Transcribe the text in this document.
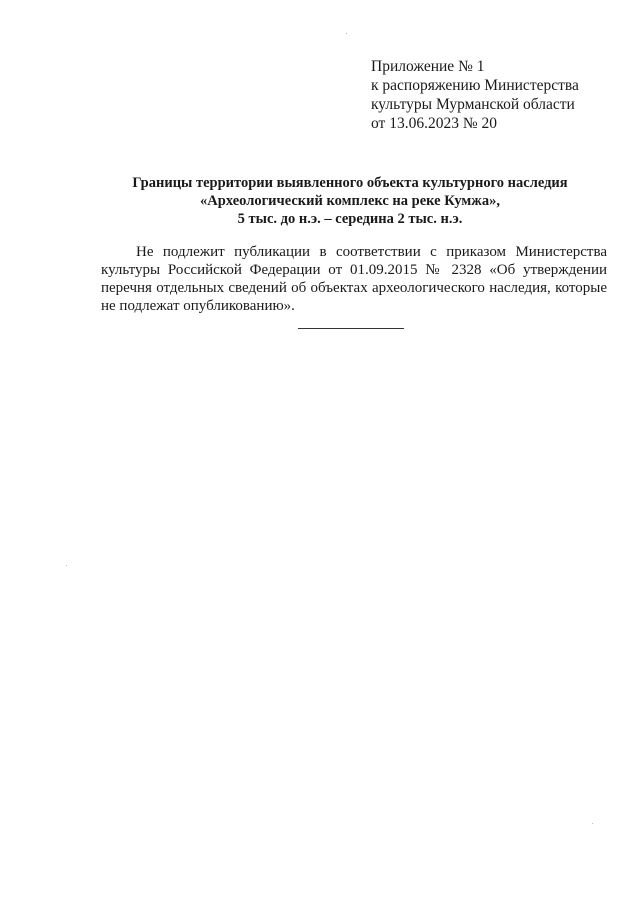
Приложение № 1
к распоряжению Министерства
культуры Мурманской области
от 13.06.2023 № 20
Границы территории выявленного объекта культурного наследия
«Археологический комплекс на реке Кумжа»,
5 тыс. до н.э. – середина 2 тыс. н.э.
Не подлежит публикации в соответствии с приказом Министерства
культуры Российской Федерации от 01.09.2015 № 2328 «Об утверждении
перечня отдельных сведений об объектах археологического наследия, которые
не подлежат опубликованию».
